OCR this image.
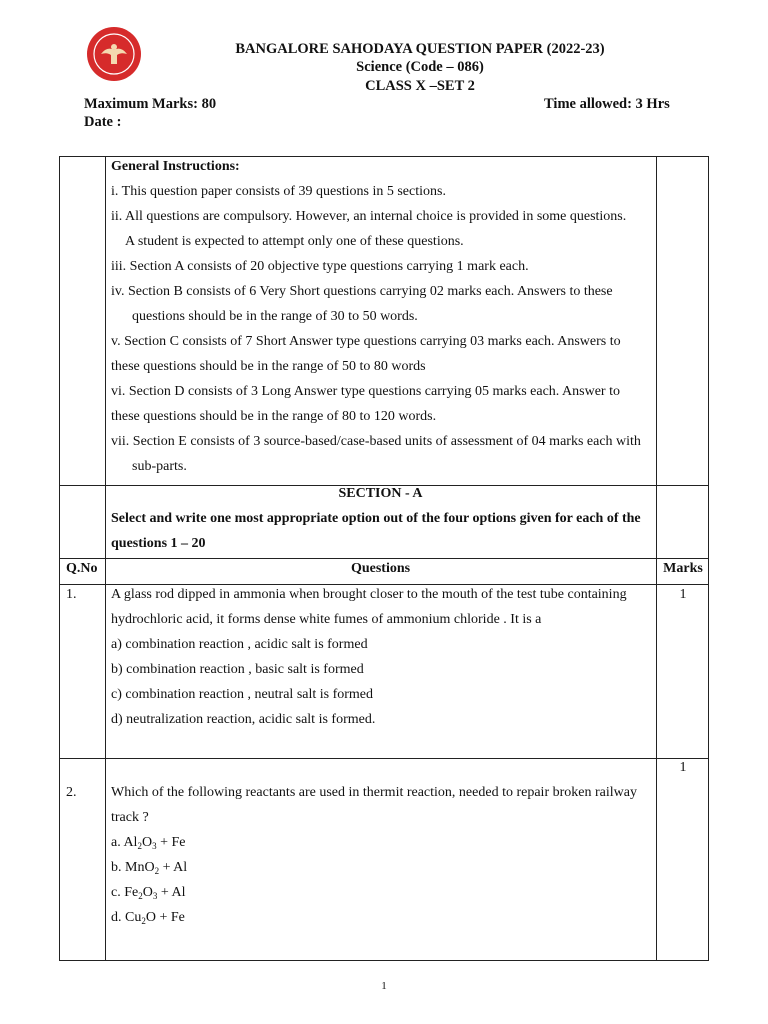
BANGALORE SAHODAYA QUESTION PAPER (2022-23)
Science (Code – 086)
CLASS X –SET 2
Maximum Marks: 80
Date :
Time allowed: 3 Hrs
General Instructions:
i. This question paper consists of 39 questions in 5 sections.
ii. All questions are compulsory. However, an internal choice is provided in some questions.
A student is expected to attempt only one of these questions.
iii. Section A consists of 20 objective type questions carrying 1 mark each.
iv. Section B consists of 6 Very Short questions carrying 02 marks each. Answers to these
questions should be in the range of 30 to 50 words.
v. Section C consists of 7 Short Answer type questions carrying 03 marks each. Answers to
these questions should be in the range of 50 to 80 words
vi. Section D consists of 3 Long Answer type questions carrying 05 marks each. Answer to
these questions should be in the range of 80 to 120 words.
vii. Section E consists of 3 source-based/case-based units of assessment of 04 marks each with
sub-parts.
SECTION - A
Select and write one most appropriate option out of the four options given for each of the
questions 1 – 20
Q.No	Questions	Marks
1. A glass rod dipped in ammonia when brought closer to the mouth of the test tube containing
hydrochloric acid, it forms dense white fumes of ammonium chloride . It is a
a) combination reaction , acidic salt is formed
b) combination reaction , basic salt is formed
c) combination reaction , neutral salt is formed
d) neutralization reaction, acidic salt is formed.
1
1
2. Which of the following reactants are used in thermit reaction, needed to repair broken railway
track ?
a. $Al_2O_3 + Fe$
b. MnO$_2$ + Al
c. $Fe_2O_3 + Al$
d. $Cu_2O + Fe$
1
